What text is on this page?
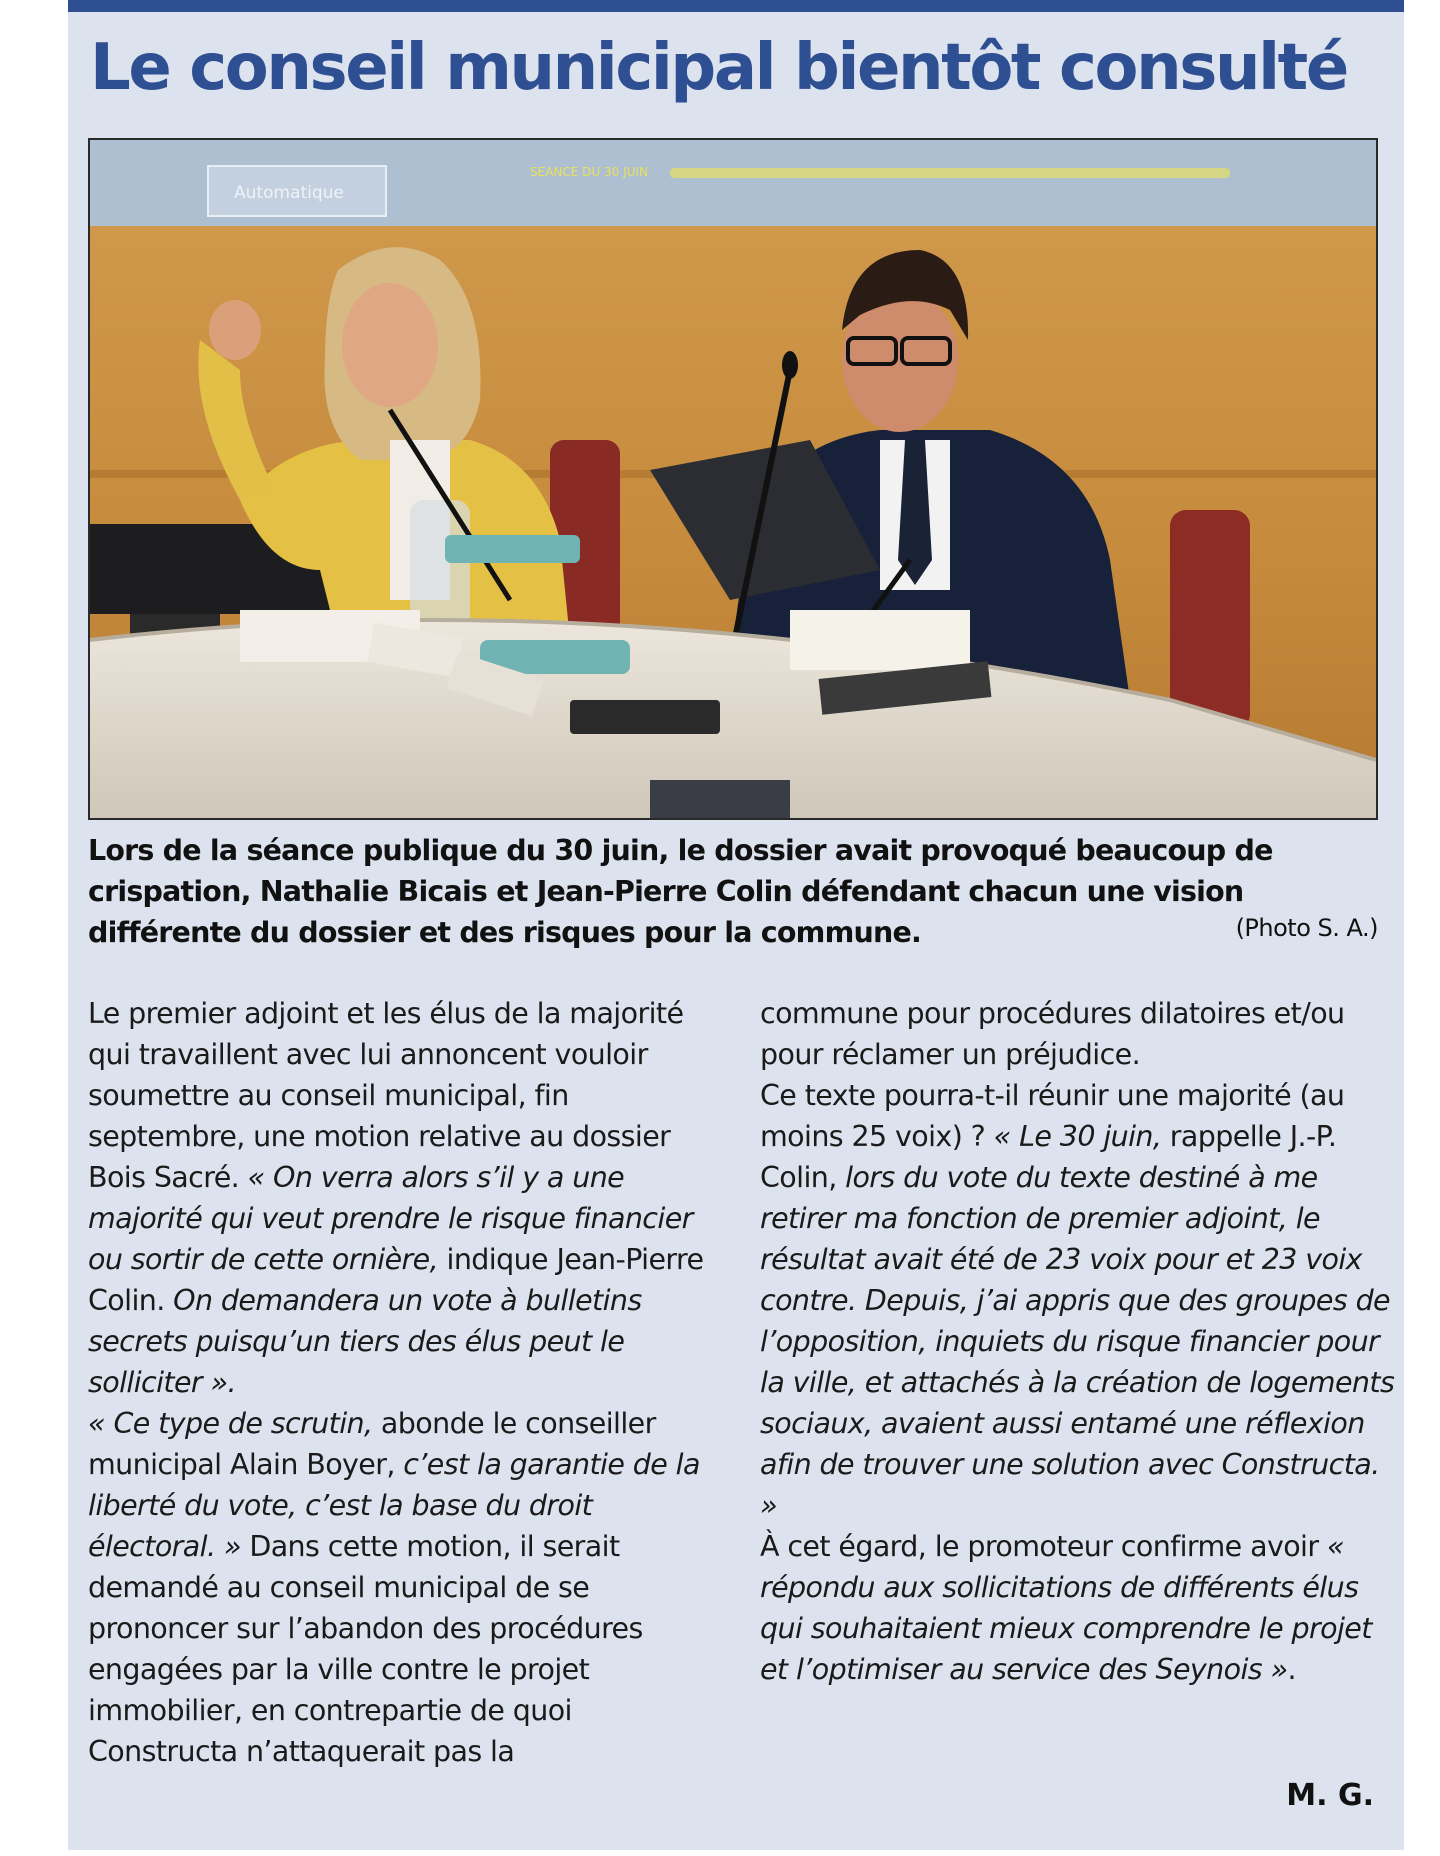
Le conseil municipal bientôt consulté
Automatique
SEANCE DU 30 JUIN

Lors de la séance publique du 30 juin, le dossier avait provoqué beaucoup de crispation, Nathalie Bicais et Jean-Pierre Colin défendant chacun une vision différente du dossier et des risques pour la commune.	(Photo S. A.)

Le premier adjoint et les élus de la majorité qui travaillent avec lui annoncent vouloir soumettre au conseil municipal, fin septembre, une motion relative au dossier Bois Sacré. « On verra alors s’il y a une majorité qui veut prendre le risque financier ou sortir de cette ornière, indique Jean-Pierre Colin. On demandera un vote à bulletins secrets puisqu’un tiers des élus peut le solliciter ».

« Ce type de scrutin, abonde le conseiller municipal Alain Boyer, c’est la garantie de la liberté du vote, c’est la base du droit électoral. » Dans cette motion, il serait demandé au conseil municipal de se prononcer sur l’abandon des procédures engagées par la ville contre le projet immobilier, en contrepartie de quoi Constructa n’attaquerait pas la

commune pour procédures dilatoires et/ou pour réclamer un préjudice.

Ce texte pourra-t-il réunir une majorité (au moins 25 voix) ? « Le 30 juin, rappelle J.-P. Colin, lors du vote du texte destiné à me retirer ma fonction de premier adjoint, le résultat avait été de 23 voix pour et 23 voix contre. Depuis, j’ai appris que des groupes de l’opposition, inquiets du risque financier pour la ville, et attachés à la création de logements sociaux, avaient aussi entamé une réflexion afin de trouver une solution avec Constructa. »

À cet égard, le promoteur confirme avoir « répondu aux sollicitations de différents élus qui souhaitaient mieux comprendre le projet et l’optimiser au service des Seynois ».

M. G.
